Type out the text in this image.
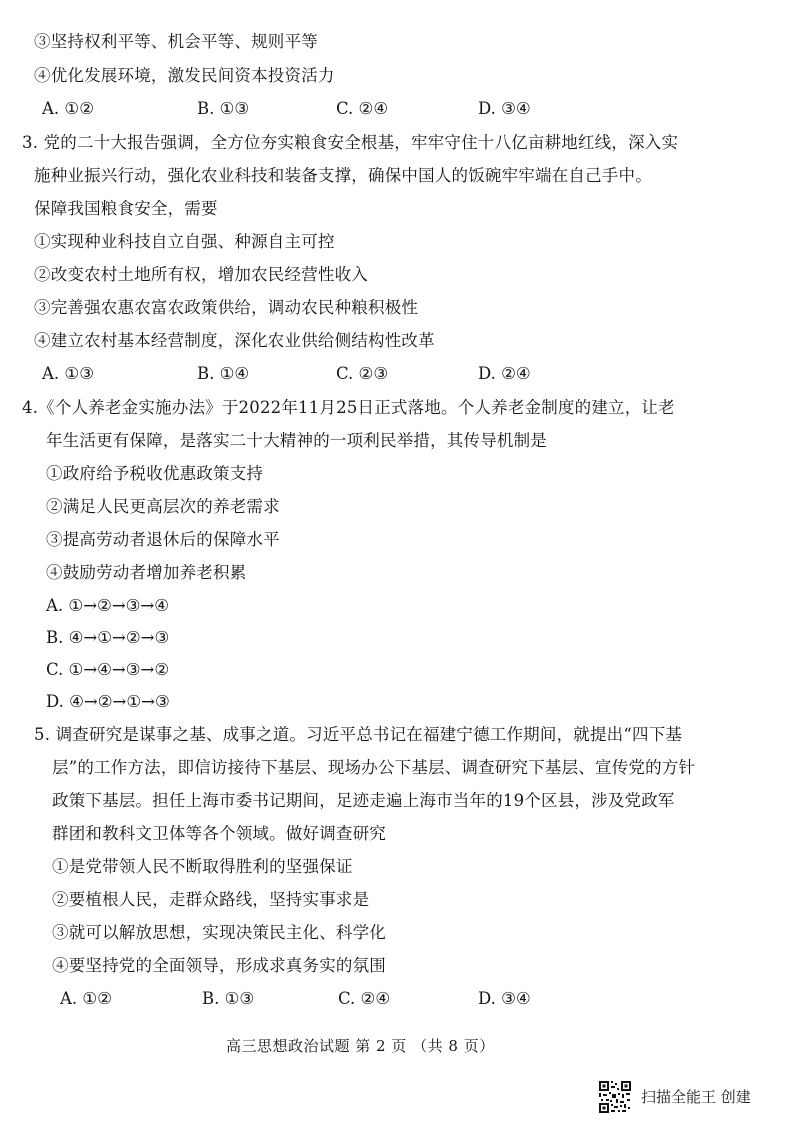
③坚持权利平等、机会平等、规则平等
④优化发展环境，激发民间资本投资活力
A. ①②	B. ①③	C. ②④	D. ③④
3. 党的二十大报告强调，全方位夯实粮食安全根基，牢牢守住十八亿亩耕地红线，深入实
施种业振兴行动，强化农业科技和装备支撑，确保中国人的饭碗牢牢端在自己手中。
保障我国粮食安全，需要
①实现种业科技自立自强、种源自主可控
②改变农村土地所有权，增加农民经营性收入
③完善强农惠农富农政策供给，调动农民种粮积极性
④建立农村基本经营制度，深化农业供给侧结构性改革
A. ①③	B. ①④	C. ②③	D. ②④
4.《个人养老金实施办法》于2022年11月25日正式落地。个人养老金制度的建立，让老
年生活更有保障，是落实二十大精神的一项利民举措，其传导机制是
①政府给予税收优惠政策支持
②满足人民更高层次的养老需求
③提高劳动者退休后的保障水平
④鼓励劳动者增加养老积累
A. ①→②→③→④
B. ④→①→②→③
C. ①→④→③→②
D. ④→②→①→③
5. 调查研究是谋事之基、成事之道。习近平总书记在福建宁德工作期间，就提出“四下基
层”的工作方法，即信访接待下基层、现场办公下基层、调查研究下基层、宣传党的方针
政策下基层。担任上海市委书记期间，足迹走遍上海市当年的19个区县，涉及党政军
群团和教科文卫体等各个领域。做好调查研究
①是党带领人民不断取得胜利的坚强保证
②要植根人民，走群众路线，坚持实事求是
③就可以解放思想，实现决策民主化、科学化
④要坚持党的全面领导，形成求真务实的氛围
A. ①②	B. ①③	C. ②④	D. ③④
高三思想政治试题 第 2 页 （共 8 页）
扫描全能王 创建
